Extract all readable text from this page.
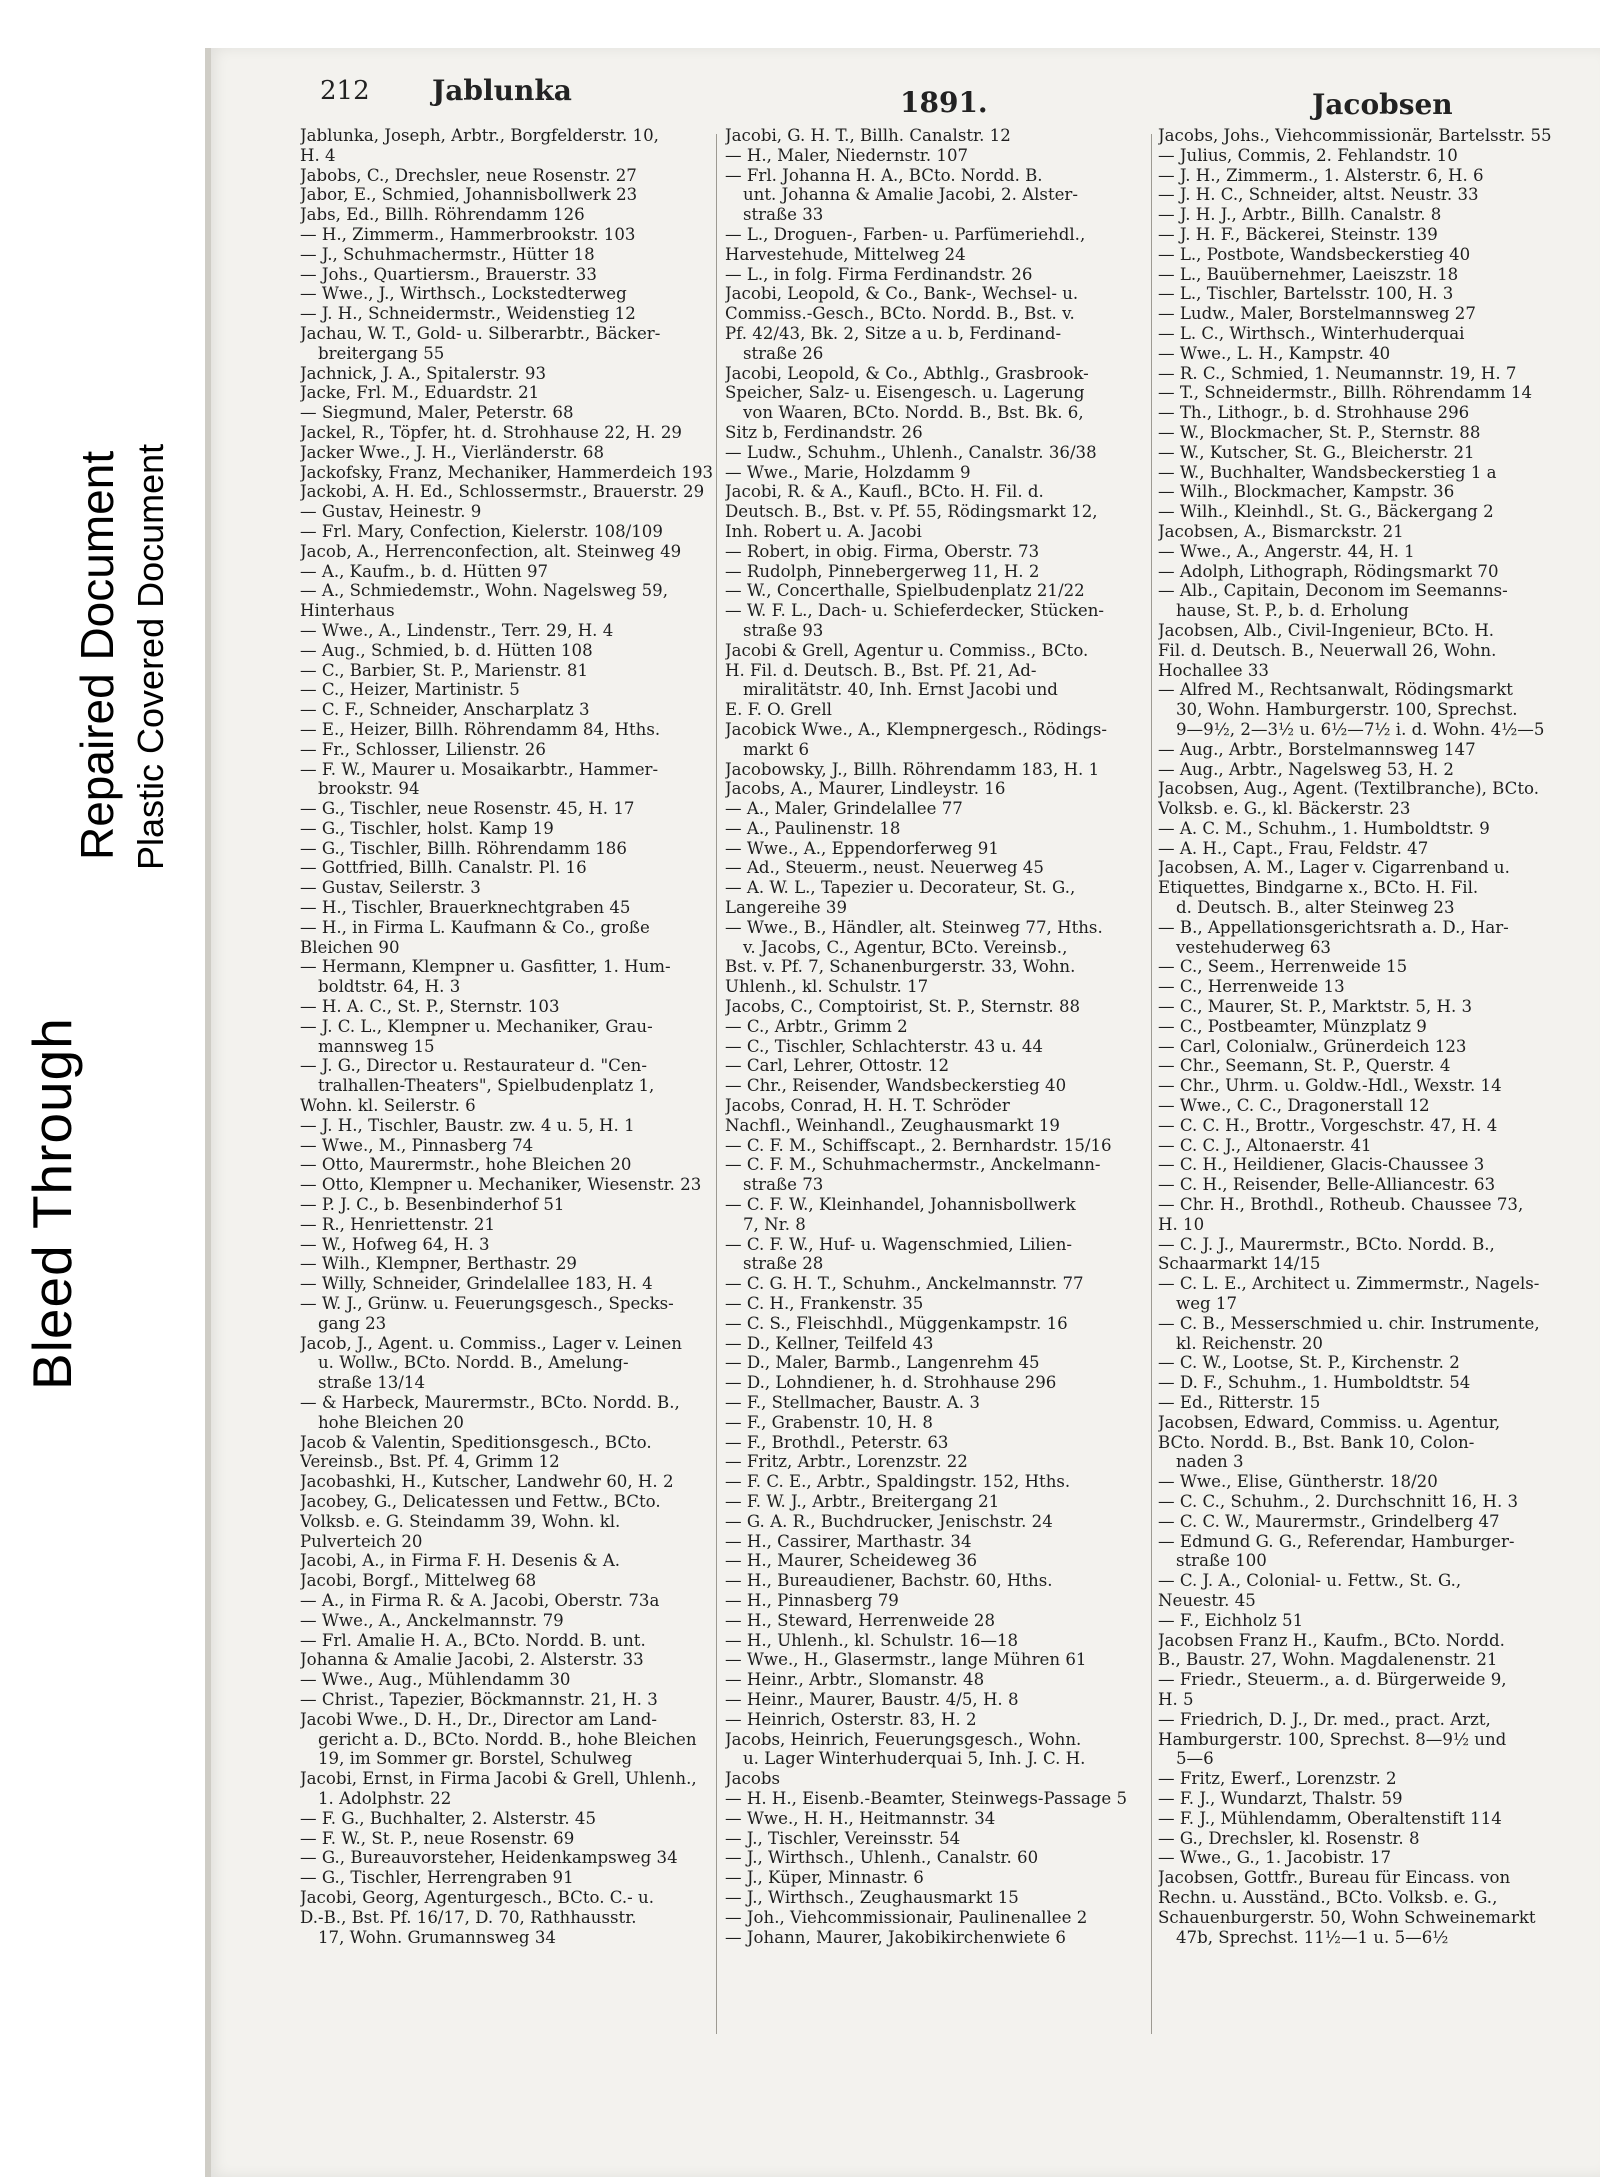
Bleed Through
Repaired Document Plastic Covered Document
212 Jablunka	1891.	Jacobsen
Jablunka, Joseph, Arbtr., Borgfelderstr. 10,
H. 4
Jabobs, C., Drechsler, neue Rosenstr. 27
Jabor, E., Schmied, Johannisbollwerk 23
Jabs, Ed., Billh. Röhrendamm 126
— H., Zimmerm., Hammerbrookstr. 103
— J., Schuhmachermstr., Hütter 18
— Johs., Quartiersm., Brauerstr. 33
— Wwe., J., Wirthsch., Lockstedterweg
— J. H., Schneidermstr., Weidenstieg 12
Jachau, W. T., Gold- u. Silberarbtr., Bäcker-
breitergang 55
Jachnick, J. A., Spitalerstr. 93
Jacke, Frl. M., Eduardstr. 21
— Siegmund, Maler, Peterstr. 68
Jackel, R., Töpfer, ht. d. Strohhause 22, H. 29
Jacker Wwe., J. H., Vierländerstr. 68
Jackofsky, Franz, Mechaniker, Hammerdeich 193
Jackobi, A. H. Ed., Schlossermstr., Brauerstr. 29
— Gustav, Heinestr. 9
— Frl. Mary, Confection, Kielerstr. 108/109
Jacob, A., Herrenconfection, alt. Steinweg 49
— A., Kaufm., b. d. Hütten 97
— A., Schmiedemstr., Wohn. Nagelsweg 59,
Hinterhaus
— Wwe., A., Lindenstr., Terr. 29, H. 4
— Aug., Schmied, b. d. Hütten 108
— C., Barbier, St. P., Marienstr. 81
— C., Heizer, Martinistr. 5
— C. F., Schneider, Anscharplatz 3
— E., Heizer, Billh. Röhrendamm 84, Hths.
— Fr., Schlosser, Lilienstr. 26
— F. W., Maurer u. Mosaikarbtr., Hammer-
brookstr. 94
— G., Tischler, neue Rosenstr. 45, H. 17
— G., Tischler, holst. Kamp 19
— G., Tischler, Billh. Röhrendamm 186
— Gottfried, Billh. Canalstr. Pl. 16
— Gustav, Seilerstr. 3
— H., Tischler, Brauerknechtgraben 45
— H., in Firma L. Kaufmann & Co., große
Bleichen 90
— Hermann, Klempner u. Gasfitter, 1. Hum-
boldtstr. 64, H. 3
— H. A. C., St. P., Sternstr. 103
— J. C. L., Klempner u. Mechaniker, Grau-
mannsweg 15
— J. G., Director u. Restaurateur d. "Cen-
tralhallen-Theaters", Spielbudenplatz 1,
Wohn. kl. Seilerstr. 6
— J. H., Tischler, Baustr. zw. 4 u. 5, H. 1
— Wwe., M., Pinnasberg 74
— Otto, Maurermstr., hohe Bleichen 20
— Otto, Klempner u. Mechaniker, Wiesenstr. 23
— P. J. C., b. Besenbinderhof 51
— R., Henriettenstr. 21
— W., Hofweg 64, H. 3
— Wilh., Klempner, Berthastr. 29
— Willy, Schneider, Grindelallee 183, H. 4
— W. J., Grünw. u. Feuerungsgesch., Specks-
gang 23
Jacob, J., Agent. u. Commiss., Lager v. Leinen
u. Wollw., BCto. Nordd. B., Amelung-
straße 13/14
— & Harbeck, Maurermstr., BCto. Nordd. B.,
hohe Bleichen 20
Jacob & Valentin, Speditionsgesch., BCto.
Vereinsb., Bst. Pf. 4, Grimm 12
Jacobashki, H., Kutscher, Landwehr 60, H. 2
Jacobey, G., Delicatessen und Fettw., BCto.
Volksb. e. G. Steindamm 39, Wohn. kl.
Pulverteich 20
Jacobi, A., in Firma F. H. Desenis & A.
Jacobi, Borgf., Mittelweg 68
— A., in Firma R. & A. Jacobi, Oberstr. 73a
— Wwe., A., Anckelmannstr. 79
— Frl. Amalie H. A., BCto. Nordd. B. unt.
Johanna & Amalie Jacobi, 2. Alsterstr. 33
— Wwe., Aug., Mühlendamm 30
— Christ., Tapezier, Böckmannstr. 21, H. 3
Jacobi Wwe., D. H., Dr., Director am Land-
gericht a. D., BCto. Nordd. B., hohe Bleichen
19, im Sommer gr. Borstel, Schulweg
Jacobi, Ernst, in Firma Jacobi & Grell, Uhlenh.,
1. Adolphstr. 22
— F. G., Buchhalter, 2. Alsterstr. 45
— F. W., St. P., neue Rosenstr. 69
— G., Bureauvorsteher, Heidenkampsweg 34
— G., Tischler, Herrengraben 91
Jacobi, Georg, Agenturgesch., BCto. C.- u.
D.-B., Bst. Pf. 16/17, D. 70, Rathhausstr.
17, Wohn. Grumannsweg 34
Jacobi, G. H. T., Billh. Canalstr. 12
— H., Maler, Niedernstr. 107
— Frl. Johanna H. A., BCto. Nordd. B.
unt. Johanna & Amalie Jacobi, 2. Alster-
straße 33
— L., Droguen-, Farben- u. Parfümeriehdl.,
Harvestehude, Mittelweg 24
— L., in folg. Firma Ferdinandstr. 26
Jacobi, Leopold, & Co., Bank-, Wechsel- u.
Commiss.-Gesch., BCto. Nordd. B., Bst. v.
Pf. 42/43, Bk. 2, Sitze a u. b, Ferdinand-
straße 26
Jacobi, Leopold, & Co., Abthlg., Grasbrook-
Speicher, Salz- u. Eisengesch. u. Lagerung
von Waaren, BCto. Nordd. B., Bst. Bk. 6,
Sitz b, Ferdinandstr. 26
— Ludw., Schuhm., Uhlenh., Canalstr. 36/38
— Wwe., Marie, Holzdamm 9
Jacobi, R. & A., Kaufl., BCto. H. Fil. d.
Deutsch. B., Bst. v. Pf. 55, Rödingsmarkt 12,
Inh. Robert u. A. Jacobi
— Robert, in obig. Firma, Oberstr. 73
— Rudolph, Pinnebergerweg 11, H. 2
— W., Concerthalle, Spielbudenplatz 21/22
— W. F. L., Dach- u. Schieferdecker, Stücken-
straße 93
Jacobi & Grell, Agentur u. Commiss., BCto.
H. Fil. d. Deutsch. B., Bst. Pf. 21, Ad-
miralitätstr. 40, Inh. Ernst Jacobi und
E. F. O. Grell
Jacobick Wwe., A., Klempnergesch., Rödings-
markt 6
Jacobowsky, J., Billh. Röhrendamm 183, H. 1
Jacobs, A., Maurer, Lindleystr. 16
— A., Maler, Grindelallee 77
— A., Paulinenstr. 18
— Wwe., A., Eppendorferweg 91
— Ad., Steuerm., neust. Neuerweg 45
— A. W. L., Tapezier u. Decorateur, St. G.,
Langereihe 39
— Wwe., B., Händler, alt. Steinweg 77, Hths.
v. Jacobs, C., Agentur, BCto. Vereinsb.,
Bst. v. Pf. 7, Schanenburgerstr. 33, Wohn.
Uhlenh., kl. Schulstr. 17
Jacobs, C., Comptoirist, St. P., Sternstr. 88
— C., Arbtr., Grimm 2
— C., Tischler, Schlachterstr. 43 u. 44
— Carl, Lehrer, Ottostr. 12
— Chr., Reisender, Wandsbeckerstieg 40
Jacobs, Conrad, H. H. T. Schröder
Nachfl., Weinhandl., Zeughausmarkt 19
— C. F. M., Schiffscapt., 2. Bernhardstr. 15/16
— C. F. M., Schuhmachermstr., Anckelmann-
straße 73
— C. F. W., Kleinhandel, Johannisbollwerk
7, Nr. 8
— C. F. W., Huf- u. Wagenschmied, Lilien-
straße 28
— C. G. H. T., Schuhm., Anckelmannstr. 77
— C. H., Frankenstr. 35
— C. S., Fleischhdl., Müggenkampstr. 16
— D., Kellner, Teilfeld 43
— D., Maler, Barmb., Langenrehm 45
— D., Lohndiener, h. d. Strohhause 296
— F., Stellmacher, Baustr. A. 3
— F., Grabenstr. 10, H. 8
— F., Brothdl., Peterstr. 63
— Fritz, Arbtr., Lorenzstr. 22
— F. C. E., Arbtr., Spaldingstr. 152, Hths.
— F. W. J., Arbtr., Breitergang 21
— G. A. R., Buchdrucker, Jenischstr. 24
— H., Cassirer, Marthastr. 34
— H., Maurer, Scheideweg 36
— H., Bureaudiener, Bachstr. 60, Hths.
— H., Pinnasberg 79
— H., Steward, Herrenweide 28
— H., Uhlenh., kl. Schulstr. 16—18
— Wwe., H., Glasermstr., lange Mühren 61
— Heinr., Arbtr., Slomanstr. 48
— Heinr., Maurer, Baustr. 4/5, H. 8
— Heinrich, Osterstr. 83, H. 2
Jacobs, Heinrich, Feuerungsgesch., Wohn.
u. Lager Winterhuderquai 5, Inh. J. C. H.
Jacobs
— H. H., Eisenb.-Beamter, Steinwegs-Passage 5
— Wwe., H. H., Heitmannstr. 34
— J., Tischler, Vereinsstr. 54
— J., Wirthsch., Uhlenh., Canalstr. 60
— J., Küper, Minnastr. 6
— J., Wirthsch., Zeughausmarkt 15
— Joh., Viehcommissionair, Paulinenallee 2
— Johann, Maurer, Jakobikirchenwiete 6
Jacobs, Johs., Viehcommissionär, Bartelsstr. 55
— Julius, Commis, 2. Fehlandstr. 10
— J. H., Zimmerm., 1. Alsterstr. 6, H. 6
— J. H. C., Schneider, altst. Neustr. 33
— J. H. J., Arbtr., Billh. Canalstr. 8
— J. H. F., Bäckerei, Steinstr. 139
— L., Postbote, Wandsbeckerstieg 40
— L., Bauübernehmer, Laeiszstr. 18
— L., Tischler, Bartelsstr. 100, H. 3
— Ludw., Maler, Borstelmannsweg 27
— L. C., Wirthsch., Winterhuderquai
— Wwe., L. H., Kampstr. 40
— R. C., Schmied, 1. Neumannstr. 19, H. 7
— T., Schneidermstr., Billh. Röhrendamm 14
— Th., Lithogr., b. d. Strohhause 296
— W., Blockmacher, St. P., Sternstr. 88
— W., Kutscher, St. G., Bleicherstr. 21
— W., Buchhalter, Wandsbeckerstieg 1 a
— Wilh., Blockmacher, Kampstr. 36
— Wilh., Kleinhdl., St. G., Bäckergang 2
Jacobsen, A., Bismarckstr. 21
— Wwe., A., Angerstr. 44, H. 1
— Adolph, Lithograph, Rödingsmarkt 70
— Alb., Capitain, Deconom im Seemanns-
hause, St. P., b. d. Erholung
Jacobsen, Alb., Civil-Ingenieur, BCto. H.
Fil. d. Deutsch. B., Neuerwall 26, Wohn.
Hochallee 33
— Alfred M., Rechtsanwalt, Rödingsmarkt
30, Wohn. Hamburgerstr. 100, Sprechst.
9—9½, 2—3½ u. 6½—7½ i. d. Wohn. 4½—5
— Aug., Arbtr., Borstelmannsweg 147
— Aug., Arbtr., Nagelsweg 53, H. 2
Jacobsen, Aug., Agent. (Textilbranche), BCto.
Volksb. e. G., kl. Bäckerstr. 23
— A. C. M., Schuhm., 1. Humboldtstr. 9
— A. H., Capt., Frau, Feldstr. 47
Jacobsen, A. M., Lager v. Cigarrenband u.
Etiquettes, Bindgarne x., BCto. H. Fil.
d. Deutsch. B., alter Steinweg 23
— B., Appellationsgerichtsrath a. D., Har-
vestehuderweg 63
— C., Seem., Herrenweide 15
— C., Herrenweide 13
— C., Maurer, St. P., Marktstr. 5, H. 3
— C., Postbeamter, Münzplatz 9
— Carl, Colonialw., Grünerdeich 123
— Chr., Seemann, St. P., Querstr. 4
— Chr., Uhrm. u. Goldw.-Hdl., Wexstr. 14
— Wwe., C. C., Dragonerstall 12
— C. C. H., Brottr., Vorgeschstr. 47, H. 4
— C. C. J., Altonaerstr. 41
— C. H., Heildiener, Glacis-Chaussee 3
— C. H., Reisender, Belle-Alliancestr. 63
— Chr. H., Brothdl., Rotheub. Chaussee 73,
H. 10
— C. J. J., Maurermstr., BCto. Nordd. B.,
Schaarmarkt 14/15
— C. L. E., Architect u. Zimmermstr., Nagels-
weg 17
— C. B., Messerschmied u. chir. Instrumente,
kl. Reichenstr. 20
— C. W., Lootse, St. P., Kirchenstr. 2
— D. F., Schuhm., 1. Humboldtstr. 54
— Ed., Ritterstr. 15
Jacobsen, Edward, Commiss. u. Agentur,
BCto. Nordd. B., Bst. Bank 10, Colon-
naden 3
— Wwe., Elise, Güntherstr. 18/20
— C. C., Schuhm., 2. Durchschnitt 16, H. 3
— C. C. W., Maurermstr., Grindelberg 47
— Edmund G. G., Referendar, Hamburger-
straße 100
— C. J. A., Colonial- u. Fettw., St. G.,
Neuestr. 45
— F., Eichholz 51
Jacobsen Franz H., Kaufm., BCto. Nordd.
B., Baustr. 27, Wohn. Magdalenenstr. 21
— Friedr., Steuerm., a. d. Bürgerweide 9,
H. 5
— Friedrich, D. J., Dr. med., pract. Arzt,
Hamburgerstr. 100, Sprechst. 8—9½ und
5—6
— Fritz, Ewerf., Lorenzstr. 2
— F. J., Wundarzt, Thalstr. 59
— F. J., Mühlendamm, Oberaltenstift 114
— G., Drechsler, kl. Rosenstr. 8
— Wwe., G., 1. Jacobistr. 17
Jacobsen, Gottfr., Bureau für Eincass. von
Rechn. u. Ausständ., BCto. Volksb. e. G.,
Schauenburgerstr. 50, Wohn Schweinemarkt
47b, Sprechst. 11½—1 u. 5—6½
